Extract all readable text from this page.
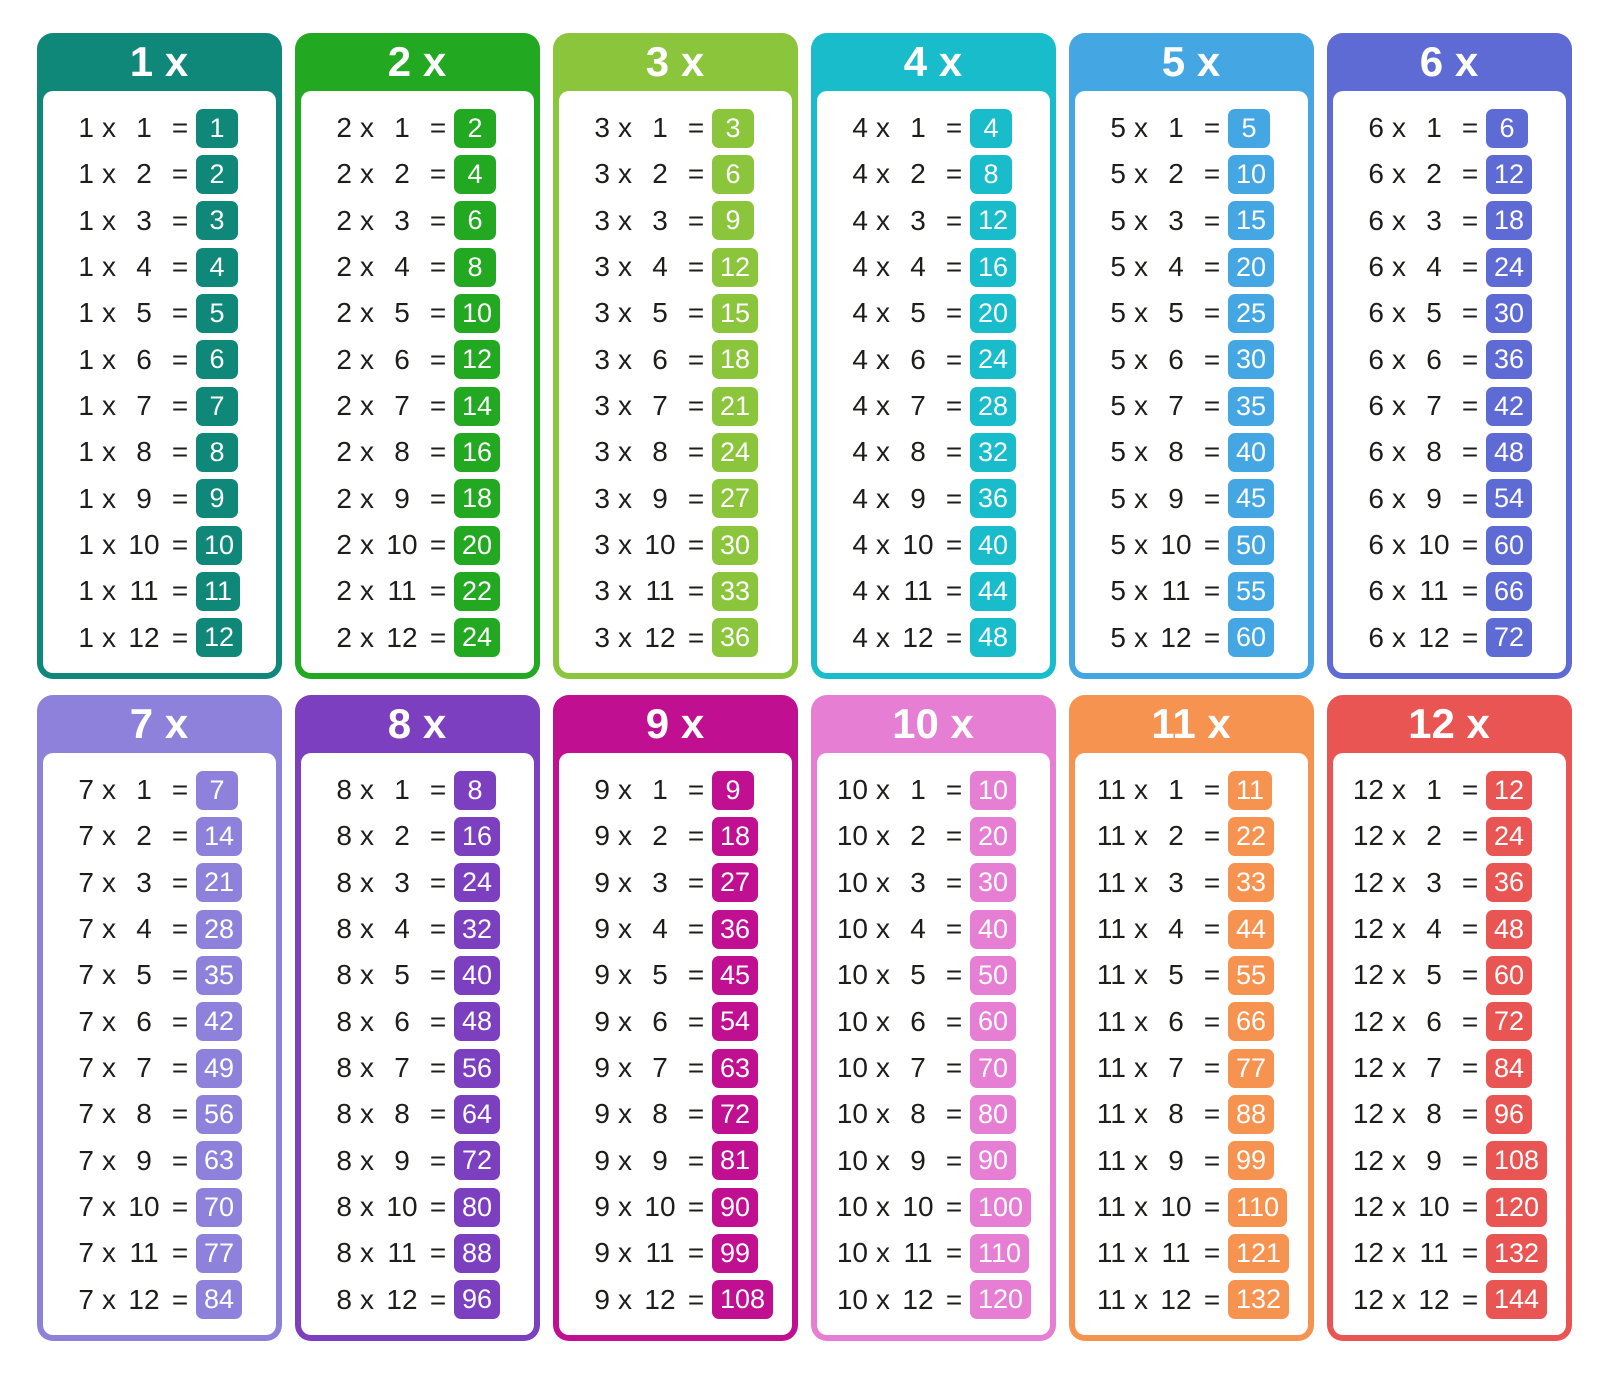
1 x
1 x 1 = 1
1 x 2 = 2
1 x 3 = 3
1 x 4 = 4
1 x 5 = 5
1 x 6 = 6
1 x 7 = 7
1 x 8 = 8
1 x 9 = 9
1 x 10 = 10
1 x 11 = 11
1 x 12 = 12
2 x
2 x 1 = 2
2 x 2 = 4
2 x 3 = 6
2 x 4 = 8
2 x 5 = 10
2 x 6 = 12
2 x 7 = 14
2 x 8 = 16
2 x 9 = 18
2 x 10 = 20
2 x 11 = 22
2 x 12 = 24
3 x
3 x 1 = 3
3 x 2 = 6
3 x 3 = 9
3 x 4 = 12
3 x 5 = 15
3 x 6 = 18
3 x 7 = 21
3 x 8 = 24
3 x 9 = 27
3 x 10 = 30
3 x 11 = 33
3 x 12 = 36
4 x
4 x 1 = 4
4 x 2 = 8
4 x 3 = 12
4 x 4 = 16
4 x 5 = 20
4 x 6 = 24
4 x 7 = 28
4 x 8 = 32
4 x 9 = 36
4 x 10 = 40
4 x 11 = 44
4 x 12 = 48
5 x
5 x 1 = 5
5 x 2 = 10
5 x 3 = 15
5 x 4 = 20
5 x 5 = 25
5 x 6 = 30
5 x 7 = 35
5 x 8 = 40
5 x 9 = 45
5 x 10 = 50
5 x 11 = 55
5 x 12 = 60
6 x
6 x 1 = 6
6 x 2 = 12
6 x 3 = 18
6 x 4 = 24
6 x 5 = 30
6 x 6 = 36
6 x 7 = 42
6 x 8 = 48
6 x 9 = 54
6 x 10 = 60
6 x 11 = 66
6 x 12 = 72
7 x
7 x 1 = 7
7 x 2 = 14
7 x 3 = 21
7 x 4 = 28
7 x 5 = 35
7 x 6 = 42
7 x 7 = 49
7 x 8 = 56
7 x 9 = 63
7 x 10 = 70
7 x 11 = 77
7 x 12 = 84
8 x
8 x 1 = 8
8 x 2 = 16
8 x 3 = 24
8 x 4 = 32
8 x 5 = 40
8 x 6 = 48
8 x 7 = 56
8 x 8 = 64
8 x 9 = 72
8 x 10 = 80
8 x 11 = 88
8 x 12 = 96
9 x
9 x 1 = 9
9 x 2 = 18
9 x 3 = 27
9 x 4 = 36
9 x 5 = 45
9 x 6 = 54
9 x 7 = 63
9 x 8 = 72
9 x 9 = 81
9 x 10 = 90
9 x 11 = 99
9 x 12 = 108
10 x
10 x 1 = 10
10 x 2 = 20
10 x 3 = 30
10 x 4 = 40
10 x 5 = 50
10 x 6 = 60
10 x 7 = 70
10 x 8 = 80
10 x 9 = 90
10 x 10 = 100
10 x 11 = 110
10 x 12 = 120
11 x
11 x 1 = 11
11 x 2 = 22
11 x 3 = 33
11 x 4 = 44
11 x 5 = 55
11 x 6 = 66
11 x 7 = 77
11 x 8 = 88
11 x 9 = 99
11 x 10 = 110
11 x 11 = 121
11 x 12 = 132
12 x
12 x 1 = 12
12 x 2 = 24
12 x 3 = 36
12 x 4 = 48
12 x 5 = 60
12 x 6 = 72
12 x 7 = 84
12 x 8 = 96
12 x 9 = 108
12 x 10 = 120
12 x 11 = 132
12 x 12 = 144
